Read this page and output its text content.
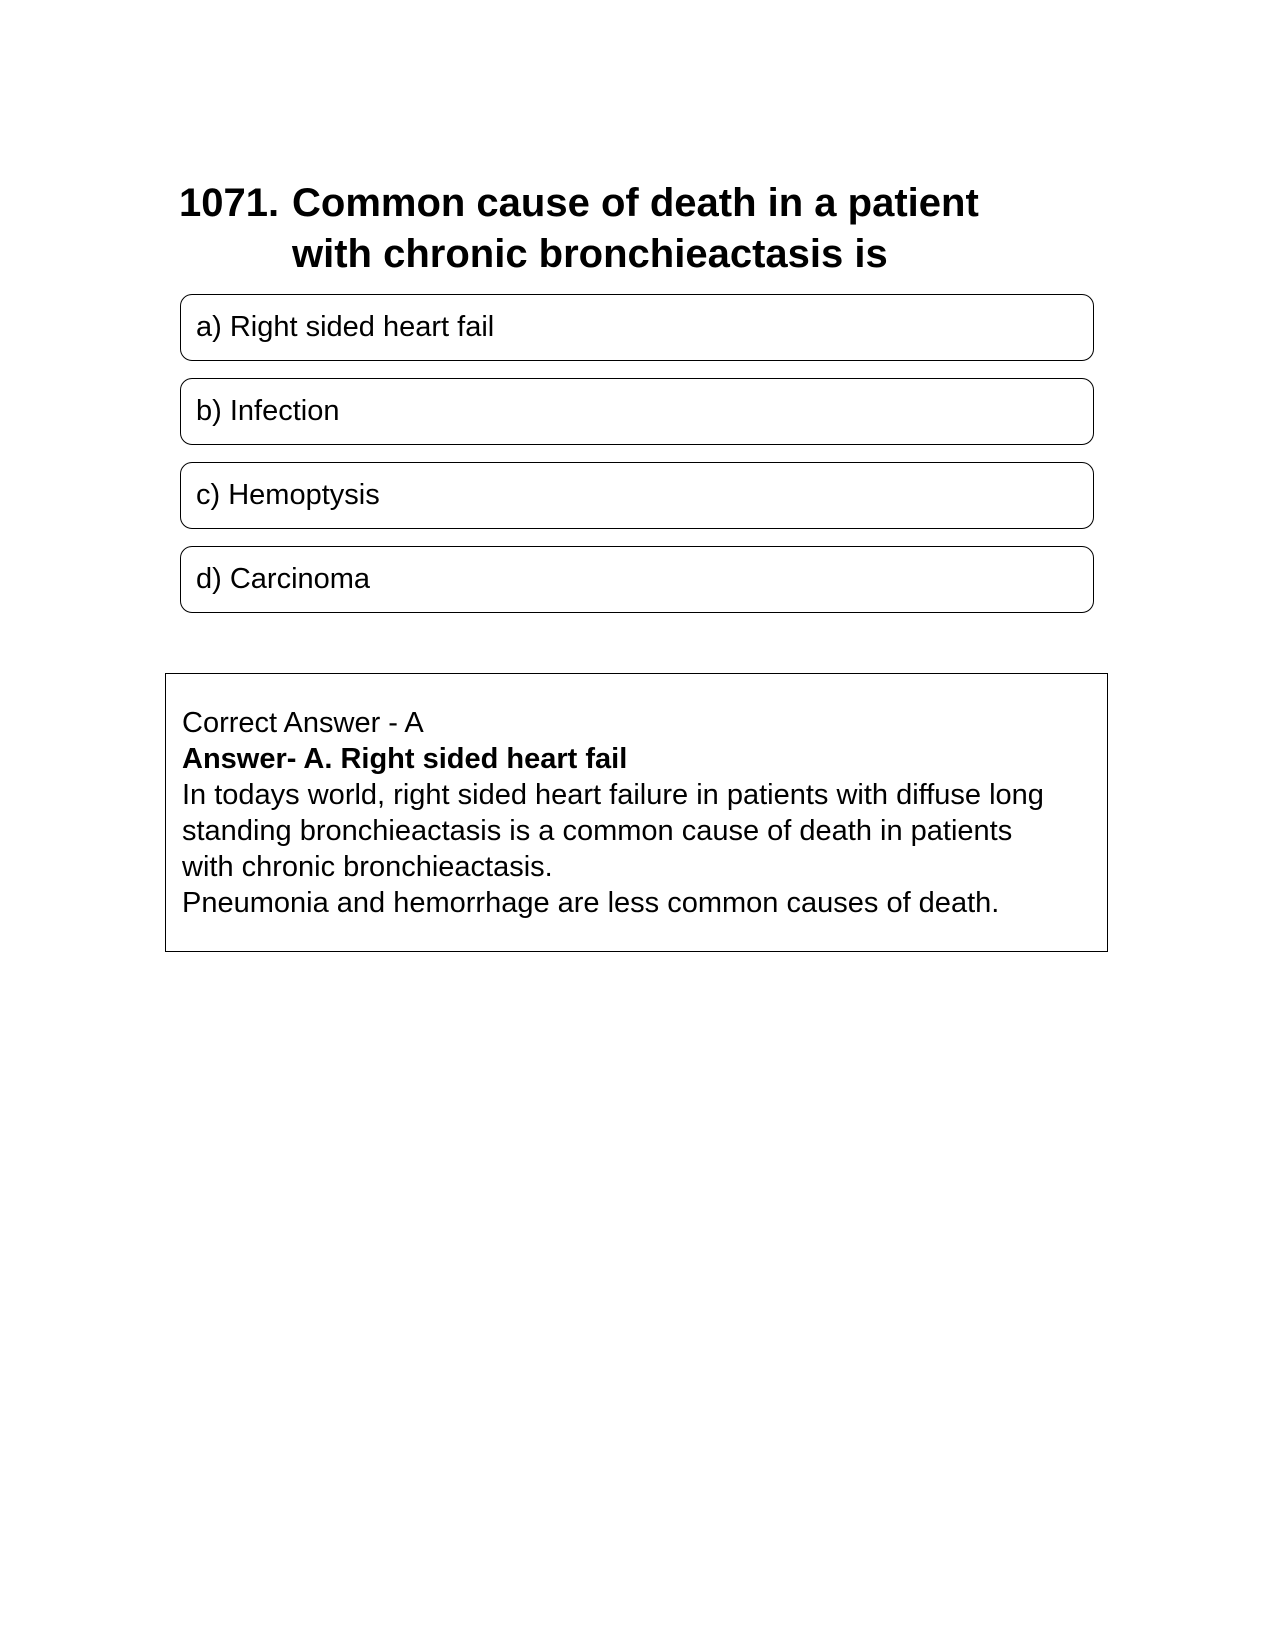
1071. Common cause of death in a patient
with chronic bronchieactasis is
a) Right sided heart fail
b) Infection
c) Hemoptysis
d) Carcinoma
Correct Answer - A
Answer- A. Right sided heart fail
In todays world, right sided heart failure in patients with diffuse long
standing bronchieactasis is a common cause of death in patients
with chronic bronchieactasis.
Pneumonia and hemorrhage are less common causes of death.
